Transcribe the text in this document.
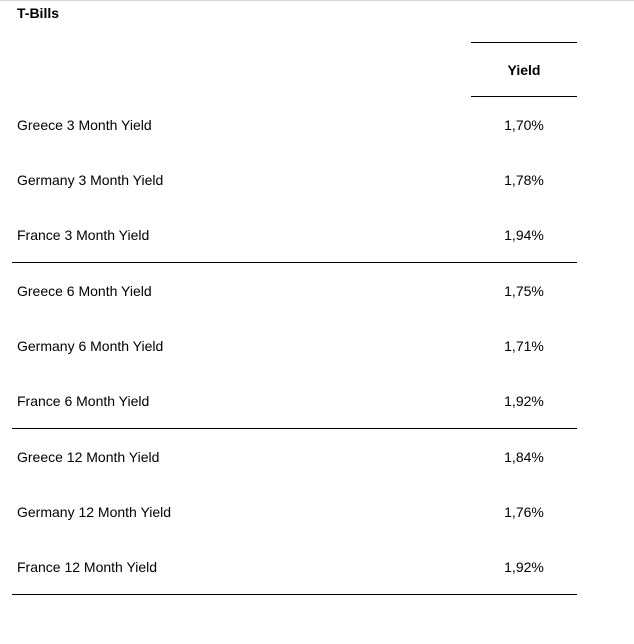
T-Bills
Yield
Greece 3 Month Yield	1,70%
Germany 3 Month Yield	1,78%
France 3 Month Yield	1,94%
Greece 6 Month Yield	1,75%
Germany 6 Month Yield	1,71%
France 6 Month Yield	1,92%
Greece 12 Month Yield	1,84%
Germany 12 Month Yield	1,76%
France 12 Month Yield	1,92%
